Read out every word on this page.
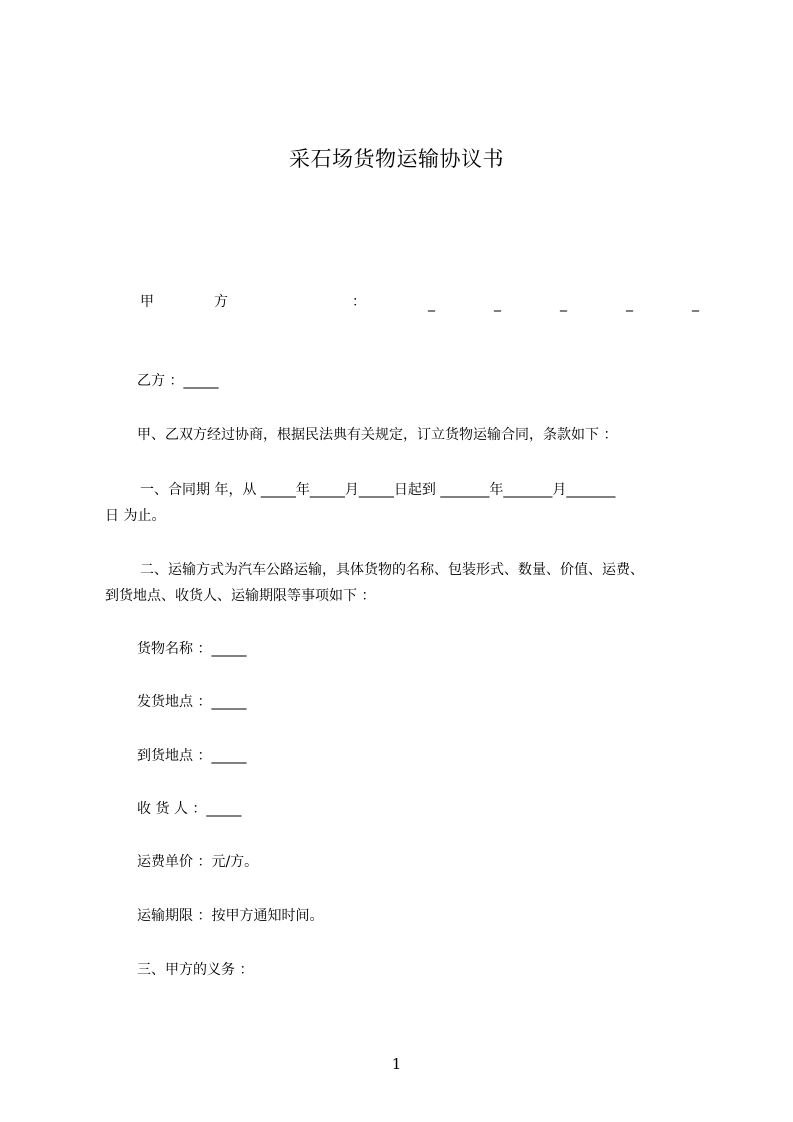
采石场货物运输协议书
甲	方	：	_	_	_	_	_
乙方 ：_____
甲、乙双方经过协商，根据民法典有关规定，订立货物运输合同，条款如下 ：
一、合同期 年，从 _____年_____月_____日起到 _______年_______月_______
日 为止。
二、运输方式为汽车公路运输，具体货物的名称、包装形式、数量、价值、运费、
到货地点、收货人、运输期限等事项如下 ：
货物名称 ：_____
发货地点 ：_____
到货地点 ：_____
收 货 人 ：_____
运费单价 ：元/方。
运输期限 ：按甲方通知时间。
三、甲方的义务 ：
1
